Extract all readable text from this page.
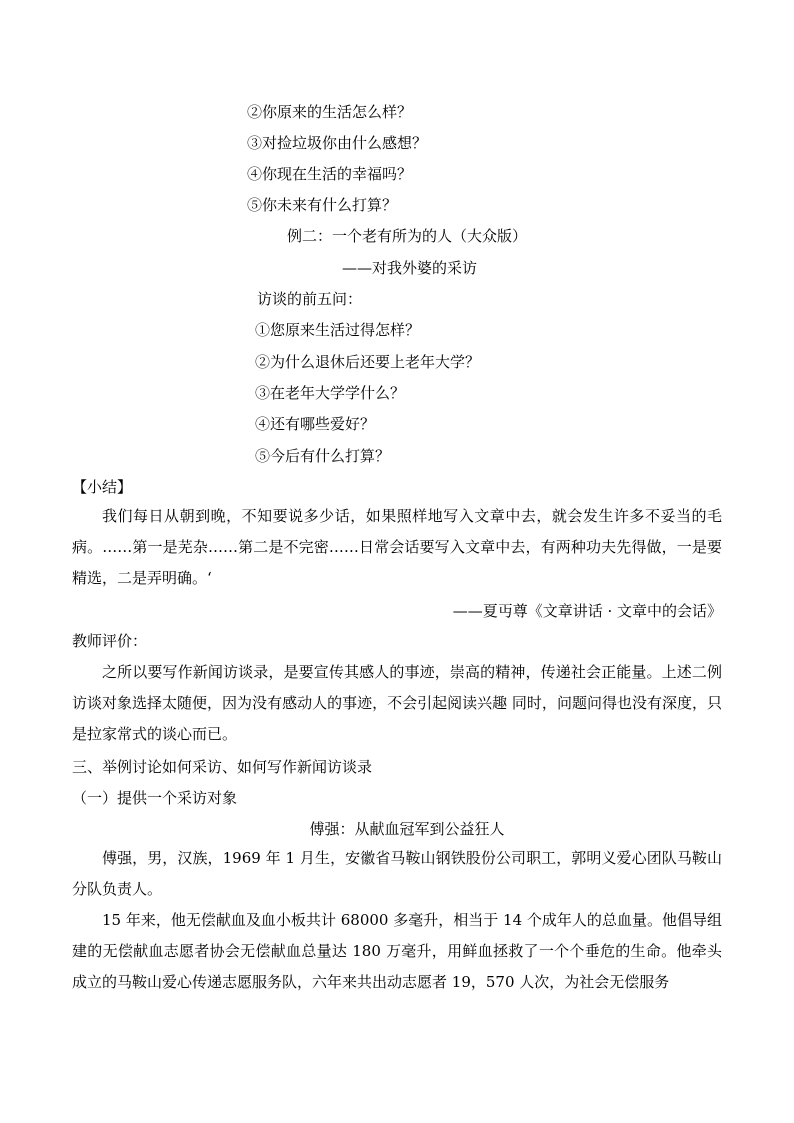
②你原来的生活怎么样？
③对捡垃圾你由什么感想？
④你现在生活的幸福吗？
⑤你未来有什么打算？
例二：一个老有所为的人（大众版）
——对我外婆的采访
访谈的前五问：
①您原来生活过得怎样？
②为什么退休后还要上老年大学？
③在老年大学学什么？
④还有哪些爱好？
⑤今后有什么打算？
【小结】
我们每日从朝到晚，不知要说多少话，如果照样地写入文章中去，就会发生许多不妥当的毛病。……第一是芜杂……第二是不完密……日常会话要写入文章中去，有两种功夫先得做，一是要精选，二是弄明确。‘
——夏丏尊《文章讲话 · 文章中的会话》
教师评价：
之所以要写作新闻访谈录，是要宣传其感人的事迹，崇高的精神，传递社会正能量。上述二例访谈对象选择太随便，因为没有感动人的事迹，不会引起阅读兴趣 同时，问题问得也没有深度，只是拉家常式的谈心而已。
三、举例讨论如何采访、如何写作新闻访谈录
（一）提供一个采访对象
傅强：从献血冠军到公益狂人
傅强，男，汉族，1969 年 1 月生，安徽省马鞍山钢铁股份公司职工，郭明义爱心团队马鞍山分队负责人。
15 年来，他无偿献血及血小板共计 68000 多毫升，相当于 14 个成年人的总血量。他倡导组建的无偿献血志愿者协会无偿献血总量达 180 万毫升，用鲜血拯救了一个个垂危的生命。他牵头成立的马鞍山爱心传递志愿服务队，六年来共出动志愿者 19，570 人次，为社会无偿服务
